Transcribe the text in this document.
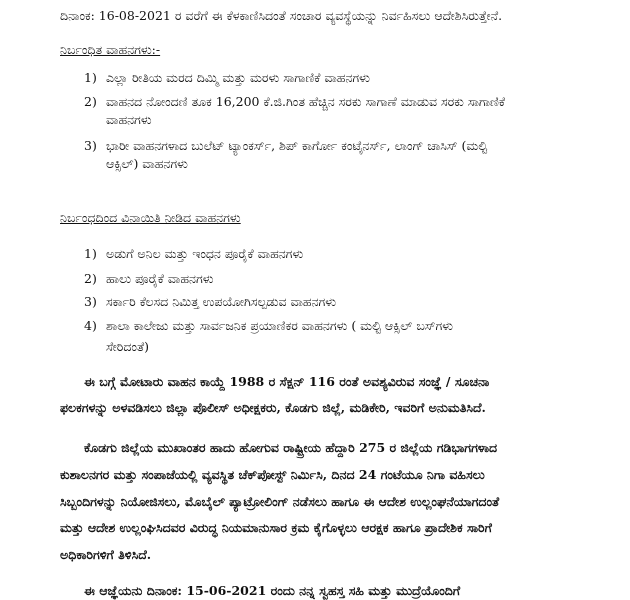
ದಿನಾಂಕ: 16-08-2021 ರ ವರೆಗೆ ಈ ಕೆಳಕಾಣಿಸಿದಂತೆ ಸಂಚಾರ ವ್ಯವಸ್ಥೆಯನ್ನು ನಿರ್ವಹಿಸಲು ಆದೇಶಿಸಿರುತ್ತೇನೆ.
ನಿರ್ಬಂಧಿತ ವಾಹನಗಳು:-
1) ಎಲ್ಲಾ ರೀತಿಯ ಮರದ ದಿಮ್ಮಿ ಮತ್ತು ಮರಳು ಸಾಗಾಣಿಕೆ ವಾಹನಗಳು
2) ವಾಹನದ ನೋಂದಣಿ ತೂಕ 16,200 ಕೆ.ಜಿ.ಗಿಂತ ಹೆಚ್ಚಿನ ಸರಕು ಸಾಗಾಣೆ ಮಾಡುವ ಸರಕು ಸಾಗಾಣಿಕೆ
ವಾಹನಗಳು
3) ಭಾರೀ ವಾಹನಗಳಾದ ಬುಲೆಟ್ ಟ್ಯಾಂಕರ್ಸ್, ಶಿಪ್ ಕಾರ್ಗೋ ಕಂಟೈನರ್ಸ್, ಲಾಂಗ್ ಚಾಸಿಸ್ (ಮಲ್ಟಿ
ಆಕ್ಸಿಲ್) ವಾಹನಗಳು
ನಿರ್ಬಂಧದಿಂದ ವಿನಾಯಿತಿ ನೀಡಿದ ವಾಹನಗಳು
1) ಅಡುಗೆ ಅನಿಲ ಮತ್ತು ಇಂಧನ ಪೂರೈಕೆ ವಾಹನಗಳು
2) ಹಾಲು ಪೂರೈಕೆ ವಾಹನಗಳು
3) ಸರ್ಕಾರಿ ಕೆಲಸದ ನಿಮಿತ್ತ ಉಪಯೋಗಿಸಲ್ಪಡುವ ವಾಹನಗಳು
4) ಶಾಲಾ ಕಾಲೇಜು ಮತ್ತು ಸಾರ್ವಜನಿಕ ಪ್ರಯಾಣಿಕರ ವಾಹನಗಳು ( ಮಲ್ಟಿ ಆಕ್ಸಿಲ್ ಬಸ್‌ಗಳು
ಸೇರಿದಂತೆ)
ಈ ಬಗ್ಗೆ ಮೋಟಾರು ವಾಹನ ಕಾಯ್ದೆ 1988 ರ ಸೆಕ್ಷನ್ 116 ರಂತೆ ಅವಶ್ಯವಿರುವ ಸಂಜ್ಞೆ / ಸೂಚನಾ
ಫಲಕಗಳನ್ನು ಅಳವಡಿಸಲು ಜಿಲ್ಲಾ ಪೊಲೀಸ್ ಅಧೀಕ್ಷಕರು, ಕೊಡಗು ಜಿಲ್ಲೆ, ಮಡಿಕೇರಿ, ಇವರಿಗೆ ಅನುಮತಿಸಿದೆ.
ಕೊಡಗು ಜಿಲ್ಲೆಯ ಮುಖಾಂತರ ಹಾದು ಹೋಗುವ ರಾಷ್ಟ್ರೀಯ ಹೆದ್ದಾರಿ 275 ರ ಜಿಲ್ಲೆಯ ಗಡಿಭಾಗಗಳಾದ
ಕುಶಾಲನಗರ ಮತ್ತು ಸಂಪಾಜೆಯಲ್ಲಿ ವ್ಯವಸ್ಥಿತ ಚೆಕ್‌ಪೋಸ್ಟ್ ನಿರ್ಮಿಸಿ, ದಿನದ 24 ಗಂಟೆಯೂ ನಿಗಾ ವಹಿಸಲು
ಸಿಬ್ಬಂದಿಗಳನ್ನು ನಿಯೋಜಿಸಲು, ಮೊಬೈಲ್ ಪ್ಯಾಟ್ರೋಲಿಂಗ್ ನಡೆಸಲು ಹಾಗೂ ಈ ಆದೇಶ ಉಲ್ಲಂಘನೆಯಾಗದಂತೆ
ಮತ್ತು ಆದೇಶ ಉಲ್ಲಂಘಿಸಿದವರ ವಿರುದ್ಧ ನಿಯಮಾನುಸಾರ ಕ್ರಮ ಕೈಗೊಳ್ಳಲು ಆರಕ್ಷಕ ಹಾಗೂ ಪ್ರಾದೇಶಿಕ ಸಾರಿಗೆ
ಅಧಿಕಾರಿಗಳಿಗೆ ತಿಳಿಸಿದೆ.
ಈ ಆಜ್ಞೆಯನು ದಿನಾಂಕ: 15-06-2021 ರಂದು ನನ್ನ ಸ್ವಹಸ್ತ ಸಹಿ ಮತ್ತು ಮುದ್ರೆಯೊಂದಿಗೆ
